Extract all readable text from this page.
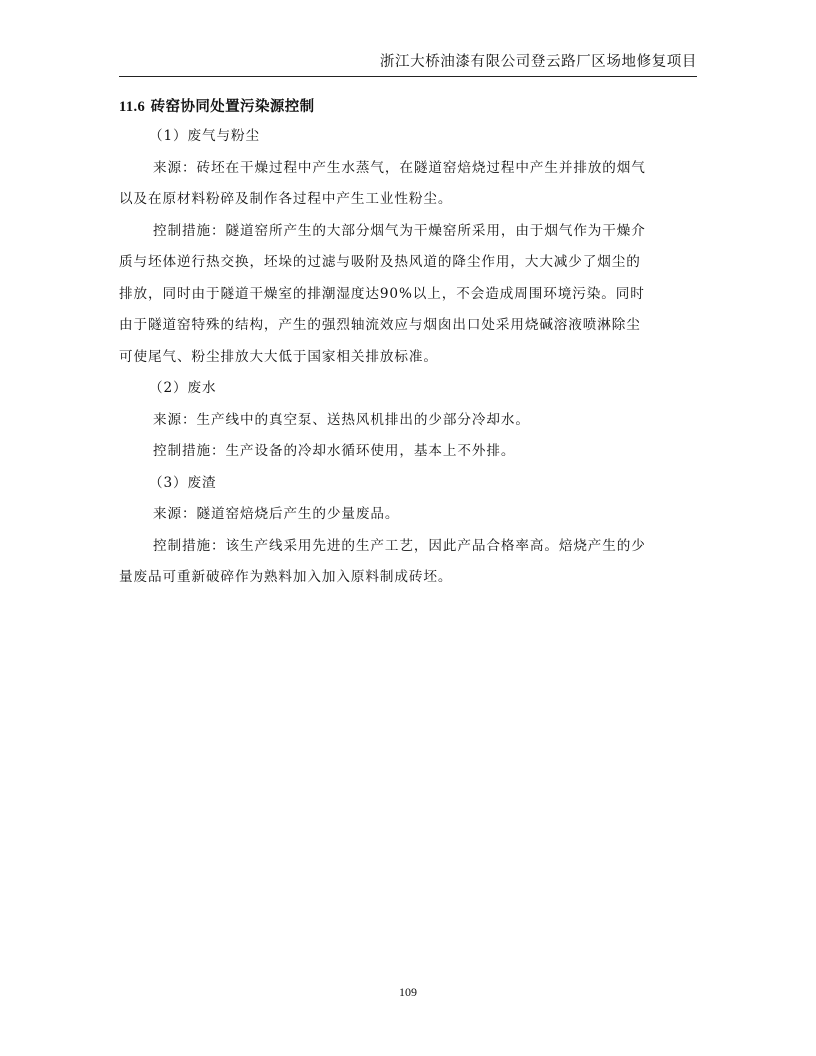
浙江大桥油漆有限公司登云路厂区场地修复项目
11.6 砖窑协同处置污染源控制

（1）废气与粉尘

来源：砖坯在干燥过程中产生水蒸气，在隧道窑焙烧过程中产生并排放的烟气

以及在原材料粉碎及制作各过程中产生工业性粉尘。

控制措施：隧道窑所产生的大部分烟气为干燥窑所采用，由于烟气作为干燥介

质与坯体逆行热交换，坯垛的过滤与吸附及热风道的降尘作用，大大减少了烟尘的

排放，同时由于隧道干燥室的排潮湿度达90%以上，不会造成周围环境污染。同时

由于隧道窑特殊的结构，产生的强烈轴流效应与烟囱出口处采用烧碱溶液喷淋除尘

可使尾气、粉尘排放大大低于国家相关排放标准。

（2）废水

来源：生产线中的真空泵、送热风机排出的少部分冷却水。

控制措施：生产设备的冷却水循环使用，基本上不外排。

（3）废渣

来源：隧道窑焙烧后产生的少量废品。

控制措施：该生产线采用先进的生产工艺，因此产品合格率高。焙烧产生的少

量废品可重新破碎作为熟料加入加入原料制成砖坯。

109
